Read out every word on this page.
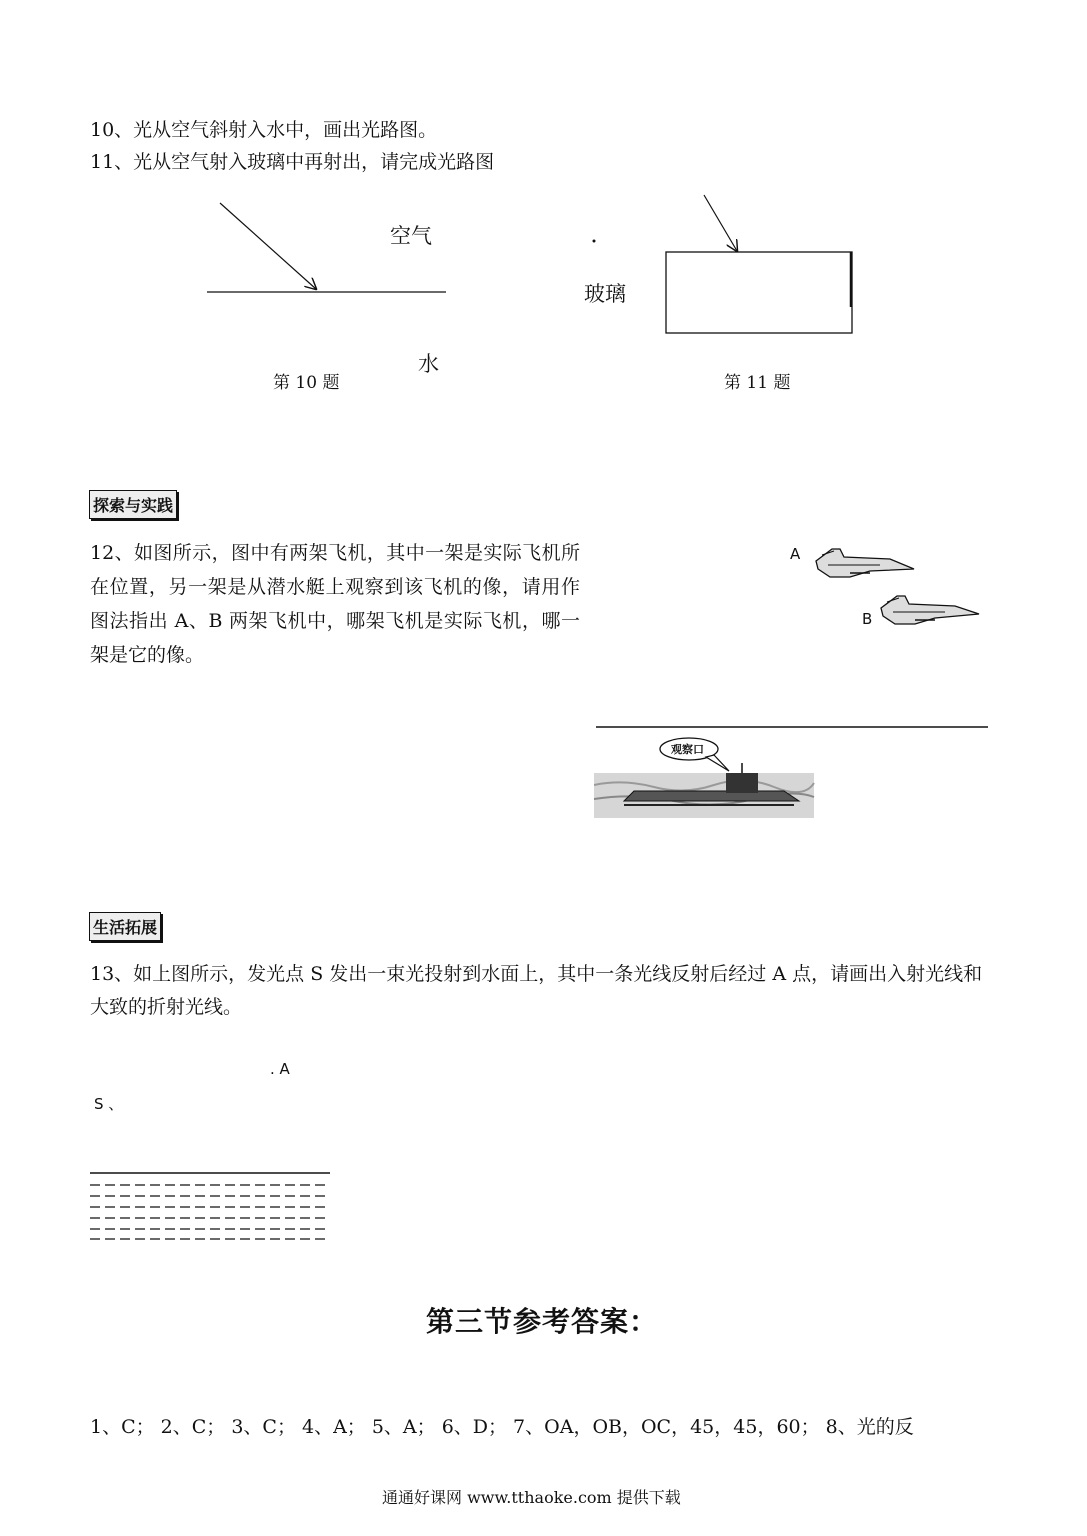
10、光从空气斜射入水中，画出光路图。
11、光从空气射入玻璃中再射出，请完成光路图
空气
水
第 10 题
玻璃
第 11 题
探索与实践
12、如图所示，图中有两架飞机，其中一架是实际飞机所在位置，另一架是从潜水艇上观察到该飞机的像，请用作图法指出 A、B 两架飞机中，哪架飞机是实际飞机，哪一架是它的像。
A
B
观察口
生活拓展
13、如上图所示，发光点 S 发出一束光投射到水面上，其中一条光线反射后经过 A 点，请画出入射光线和大致的折射光线。
. A
S 、
第三节参考答案：
1、C； 2、C； 3、C； 4、A； 5、A； 6、D； 7、OA，OB，OC，45，45，60； 8、光的反
通通好课网 www.tthaoke.com 提供下载
